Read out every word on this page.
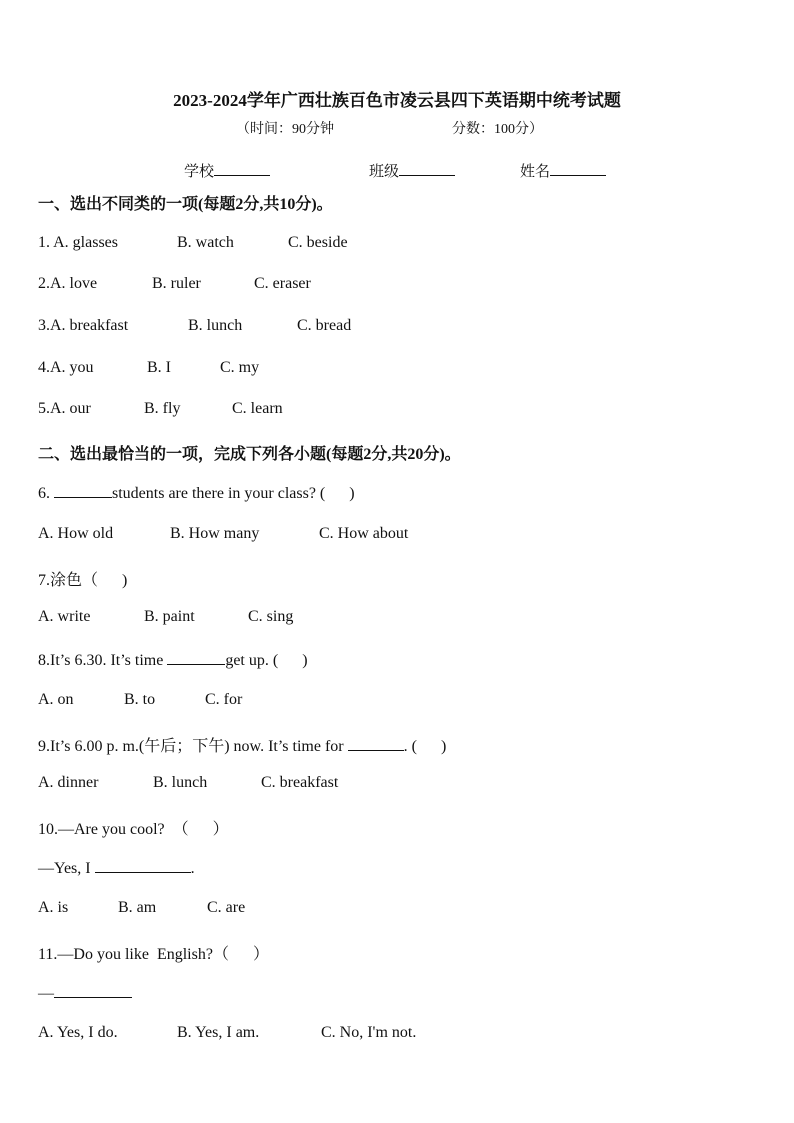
2023-2024学年广西壮族百色市凌云县四下英语期中统考试题
（时间：90分钟	分数：100分）
学校	班级	姓名
一、选出不同类的一项(每题2分,共10分)。
1. A. glasses	B. watch	C. beside
2.A. love	B. ruler	C. eraser
3.A. breakfast	B. lunch	C. bread
4.A. you	B. I	C. my
5.A. our	B. fly	C. learn
二、选出最恰当的一项，完成下列各小题(每题2分,共20分)。
6.	students are there in your class? (      )
A. How old	B. How many	C. How about
7.涂色（      )
A. write	B. paint	C. sing
8.It’s 6.30. It’s time	get up. (      )
A. on	B. to	C. for
9.It’s 6.00 p. m.(午后；下午) now. It’s time for	. (      )
A. dinner	B. lunch	C. breakfast
10.—Are you cool?  （      ）
—Yes, I	.
A. is	B. am	C. are
11.—Do you like  English?（      ）
—
A. Yes, I do.	B. Yes, I am.	C. No, I'm not.
